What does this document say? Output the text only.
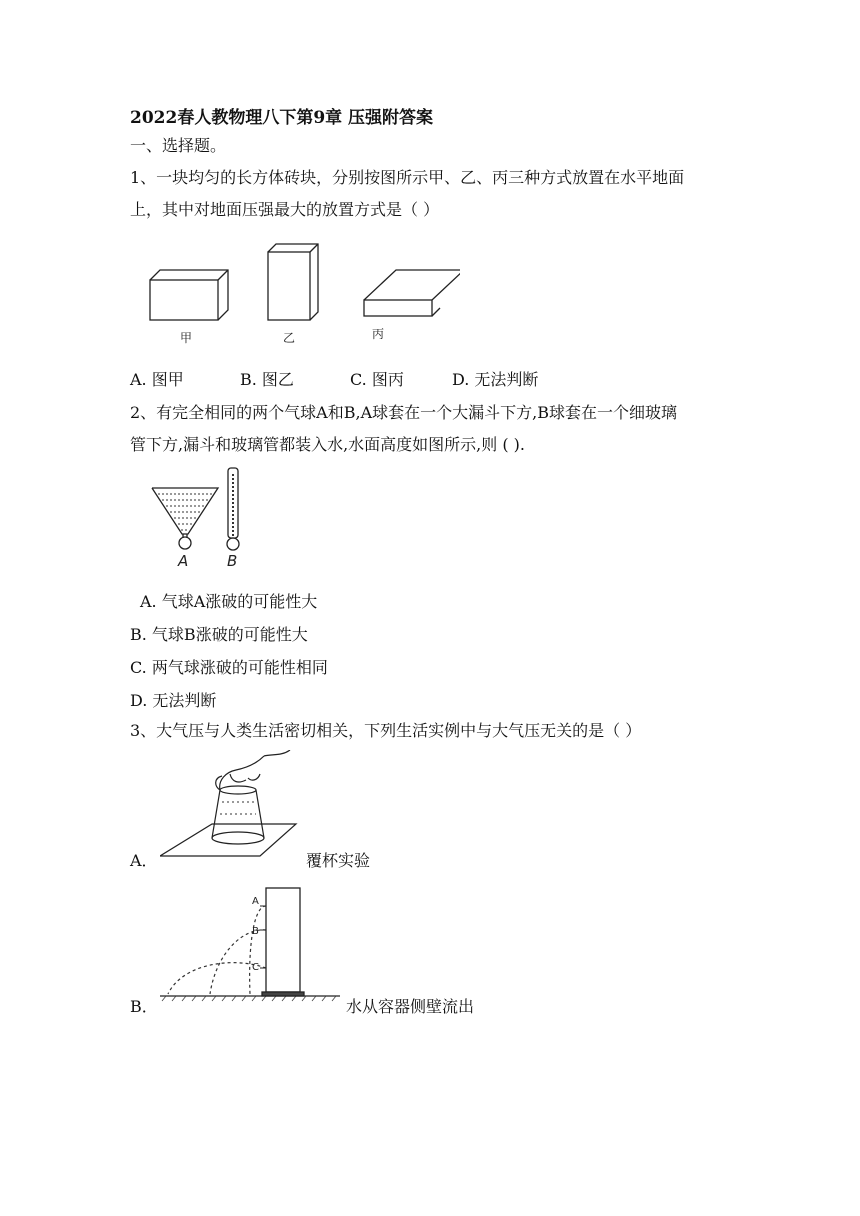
2022春人教物理八下第9章 压强附答案
一、选择题。
1、一块均匀的长方体砖块，分别按图所示甲、乙、丙三种方式放置在水平地面
上，其中对地面压强最大的放置方式是（ ）
甲	乙	丙
A. 图甲	B. 图乙	C. 图丙	D. 无法判断
2、有完全相同的两个气球A和B,A球套在一个大漏斗下方,B球套在一个细玻璃
管下方,漏斗和玻璃管都装入水,水面高度如图所示,则 ( ).
A	B
A. 气球A涨破的可能性大
B. 气球B涨破的可能性大
C. 两气球涨破的可能性相同
D. 无法判断
3、大气压与人类生活密切相关，下列生活实例中与大气压无关的是（ ）
A．	覆杯实验
B．
A
B
C
水从容器侧壁流出
